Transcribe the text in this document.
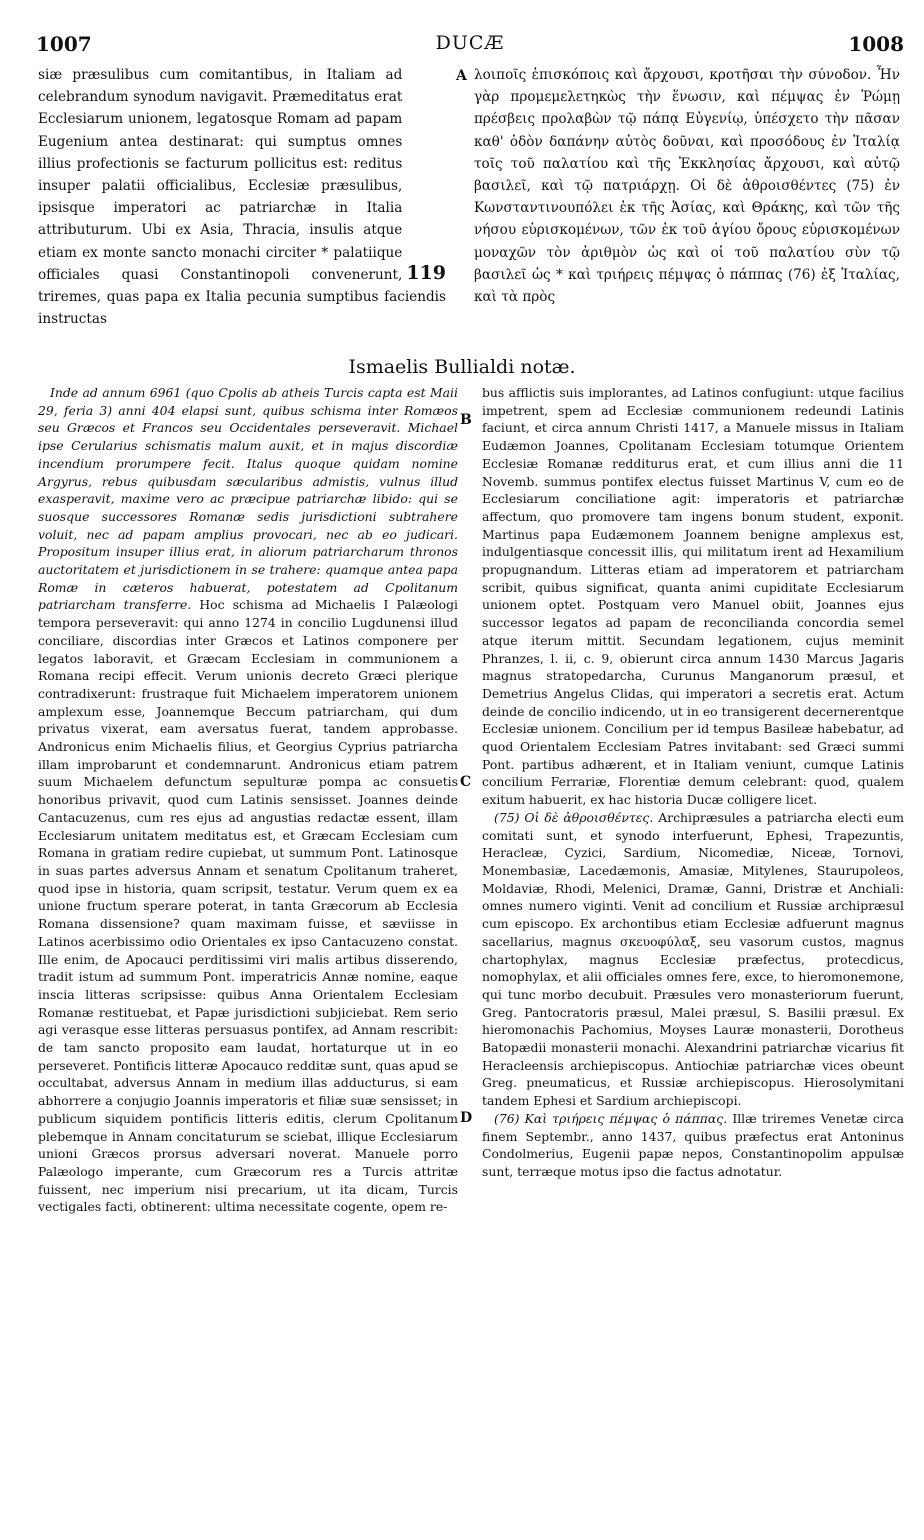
1007	DUCÆ	1008
119
siæ præsulibus cum comitantibus, in Italiam ad celebrandum synodum navigavit. Præmeditatus erat Ecclesiarum unionem, legatosque Romam ad papam Eugenium antea destinarat: qui sumptus omnes illius profectionis se facturum pollicitus est: reditus insuper palatii officialibus, Ecclesiæ præsulibus, ipsisque imperatori ac patriarchæ in Italia attributurum. Ubi ex Asia, Thracia, insulis atque etiam ex monte sancto monachi circiter * palatiique officiales quasi Constantinopoli convenerunt, triremes, quas papa ex Italia pecunia sumptibus faciendis instructas
A λοιποῖς ἐπισκόποις καὶ ἄρχουσι, κροτῆσαι τὴν σύνοδον. Ἦν γὰρ προμεμελετηκὼς τὴν ἕνωσιν, καὶ πέμψας ἐν Ῥώμῃ πρέσβεις προλαβὼν τῷ πάπᾳ Εὐγενίῳ, ὑπέσχετο τὴν πᾶσαν καθ' ὁδὸν δαπάνην αὐτὸς δοῦναι, καὶ προσόδους ἐν Ἰταλίᾳ τοῖς τοῦ παλατίου καὶ τῆς Ἐκκλησίας ἄρχουσι, καὶ αὐτῷ βασιλεῖ, καὶ τῷ πατριάρχῃ. Οἱ δὲ ἀθροισθέντες (75) ἐν Κωνσταντινουπόλει ἐκ τῆς Ἀσίας, καὶ Θράκης, καὶ τῶν τῆς νήσου εὑρισκομένων, τῶν ἐκ τοῦ ἁγίου ὄρους εὑρισκομένων μοναχῶν τὸν ἀριθμὸν ὡς καὶ οἱ τοῦ παλατίου σὺν τῷ βασιλεῖ ὡς * καὶ τριήρεις πέμψας ὁ πάππας (76) ἐξ Ἰταλίας, καὶ τὰ πρὸς
Ismaelis Bullialdi notæ.

Inde ad annum 6961 (quo Cpolis ab atheis Turcis capta est Maii 29, feria 3) anni 404 elapsi sunt, quibus schisma inter Romæos seu Græcos et Francos seu Occidentales perseveravit. Michael ipse Cerularius schismatis malum auxit, et in majus discordiæ incendium prorumpere fecit. Italus quoque quidam nomine Argyrus, rebus quibusdam sæcularibus admistis, vulnus illud exasperavit, maxime vero ac præcipue patriarchæ libido: qui se suosque successores Romanæ sedis jurisdictioni subtrahere voluit, nec ad papam amplius provocari, nec ab eo judicari. Propositum insuper illius erat, in aliorum patriarcharum thronos auctoritatem et jurisdictionem in se trahere: quamque antea papa Romæ in cæteros habuerat, potestatem ad Cpolitanum patriarcham transferre. Hoc schisma ad Michaelis I Palæologi tempora perseveravit: qui anno 1274 in concilio Lugdunensi illud conciliare, discordias inter Græcos et Latinos componere per legatos laboravit, et Græcam Ecclesiam in communionem a Romana recipi effecit. Verum unionis decreto Græci plerique contradixerunt: frustraque fuit Michaelem imperatorem unionem amplexum esse, Joannemque Beccum patriarcham, qui dum privatus vixerat, eam aversatus fuerat, tandem approbasse. Andronicus enim Michaelis filius, et Georgius Cyprius patriarcha illam improbarunt et condemnarunt. Andronicus etiam patrem suum Michaelem defunctum sepulturæ pompa ac consuetis honoribus privavit, quod cum Latinis sensisset. Joannes deinde Cantacuzenus, cum res ejus ad angustias redactæ essent, illam Ecclesiarum unitatem meditatus est, et Græcam Ecclesiam cum Romana in gratiam redire cupiebat, ut summum Pont. Latinosque in suas partes adversus Annam et senatum Cpolitanum traheret, quod ipse in historia, quam scripsit, testatur. Verum quem ex ea unione fructum sperare poterat, in tanta Græcorum ab Ecclesia Romana dissensione? quam maximam fuisse, et sæviisse in Latinos acerbissimo odio Orientales ex ipso Cantacuzeno constat. Ille enim, de Apocauci perditissimi viri malis artibus disserendo, tradit istum ad summum Pont. imperatricis Annæ nomine, eaque inscia litteras scripsisse: quibus Anna Orientalem Ecclesiam Romanæ restituebat, et Papæ jurisdictioni subjiciebat. Rem serio agi verasque esse litteras persuasus pontifex, ad Annam rescribit: de tam sancto proposito eam laudat, hortaturque ut in eo perseveret. Pontificis litteræ Apocauco redditæ sunt, quas apud se occultabat, adversus Annam in medium illas adducturus, si eam abhorrere a conjugio Joannis imperatoris et filiæ suæ sensisset; in publicum siquidem pontificis litteris editis, clerum Cpolitanum plebemque in Annam concitaturum se sciebat, illique Ecclesiarum unioni Græcos prorsus adversari noverat. Manuele porro Palæologo imperante, cum Græcorum res a Turcis attritæ fuissent, nec imperium nisi precarium, ut ita dicam, Turcis vectigales facti, obtinerent: ultima necessitate cogente, opem re-

B
C
D

bus afflictis suis implorantes, ad Latinos confugiunt: utque facilius impetrent, spem ad Ecclesiæ communionem redeundi Latinis faciunt, et circa annum Christi 1417, a Manuele missus in Italiam Eudæmon Joannes, Cpolitanam Ecclesiam totumque Orientem Ecclesiæ Romanæ redditurus erat, et cum illius anni die 11 Novemb. summus pontifex electus fuisset Martinus V, cum eo de Ecclesiarum conciliatione agit: imperatoris et patriarchæ affectum, quo promovere tam ingens bonum student, exponit. Martinus papa Eudæmonem Joannem benigne amplexus est, indulgentiasque concessit illis, qui militatum irent ad Hexamilium propugnandum. Litteras etiam ad imperatorem et patriarcham scribit, quibus significat, quanta animi cupiditate Ecclesiarum unionem optet. Postquam vero Manuel obiit, Joannes ejus successor legatos ad papam de reconcilianda concordia semel atque iterum mittit. Secundam legationem, cujus meminit Phranzes, l. ii, c. 9, obierunt circa annum 1430 Marcus Jagaris magnus stratopedarcha, Curunus Manganorum præsul, et Demetrius Angelus Clidas, qui imperatori a secretis erat. Actum deinde de concilio indicendo, ut in eo transigerent decernerentque Ecclesiæ unionem. Concilium per id tempus Basileæ habebatur, ad quod Orientalem Ecclesiam Patres invitabant: sed Græci summi Pont. partibus adhærent, et in Italiam veniunt, cumque Latinis concilium Ferrariæ, Florentiæ demum celebrant: quod, qualem exitum habuerit, ex hac historia Ducæ colligere licet.

(75) Οἱ δὲ ἀθροισθέντες. Archipræsules a patriarcha electi eum comitati sunt, et synodo interfuerunt, Ephesi, Trapezuntis, Heracleæ, Cyzici, Sardium, Nicomediæ, Niceæ, Tornovi, Monembasiæ, Lacedæmonis, Amasiæ, Mitylenes, Staurupoleos, Moldaviæ, Rhodi, Melenici, Dramæ, Ganni, Dristræ et Anchiali: omnes numero viginti. Venit ad concilium et Russiæ archipræsul cum episcopo. Ex archontibus etiam Ecclesiæ adfuerunt magnus sacellarius, magnus σκευοφύλαξ, seu vasorum custos, magnus chartophylax, magnus Ecclesiæ præfectus, protecdicus, nomophylax, et alii officiales omnes fere, exce, to hieromonemone, qui tunc morbo decubuit. Præsules vero monasteriorum fuerunt, Greg. Pantocratoris præsul, Malei præsul, S. Basilii præsul. Ex hieromonachis Pachomius, Moyses Lauræ monasterii, Dorotheus Batopædii monasterii monachi. Alexandrini patriarchæ vicarius fit Heracleensis archiepiscopus. Antiochiæ patriarchæ vices obeunt Greg. pneumaticus, et Russiæ archiepiscopus. Hierosolymitani tandem Ephesi et Sardium archiepiscopi.

(76) Καὶ τριήρεις πέμψας ὁ πάππας. Illæ triremes Venetæ circa finem Septembr., anno 1437, quibus præfectus erat Antoninus Condolmerius, Eugenii papæ nepos, Constantinopolim appulsæ sunt, terræque motus ipso die factus adnotatur.
